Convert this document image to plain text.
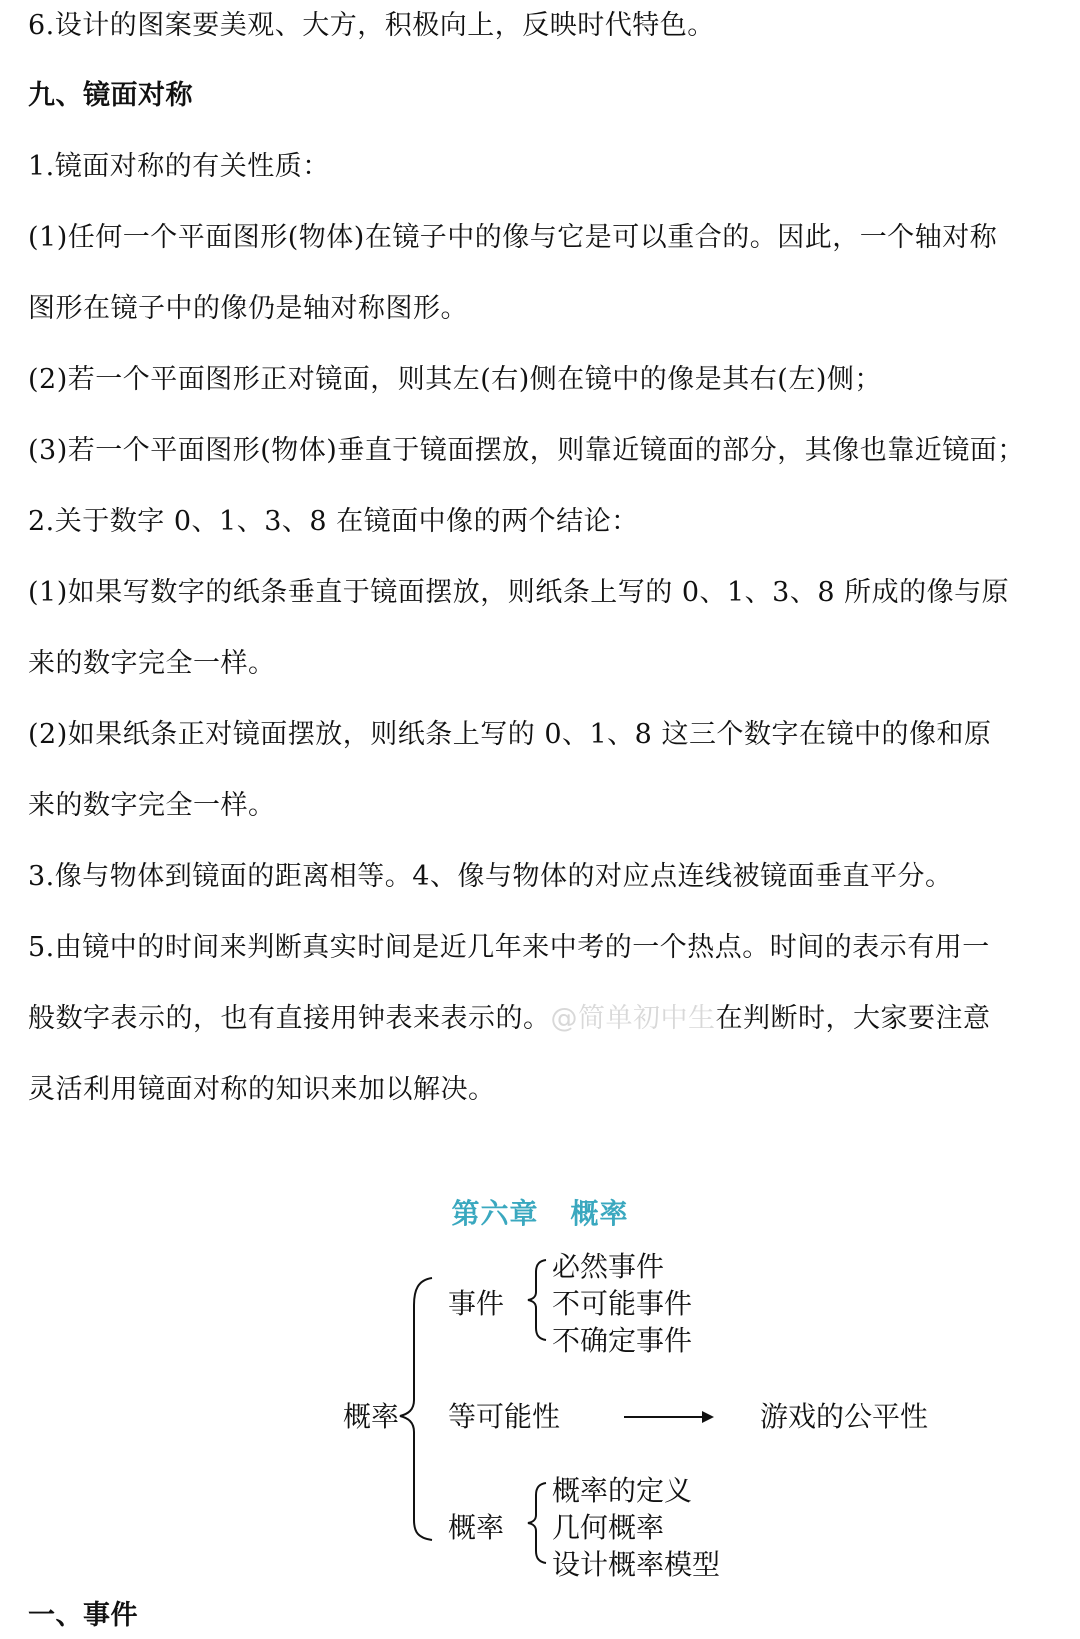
6.设计的图案要美观、大方，积极向上，反映时代特色。
九、镜面对称
1.镜面对称的有关性质：
(1)任何一个平面图形(物体)在镜子中的像与它是可以重合的。因此，一个轴对称
图形在镜子中的像仍是轴对称图形。
(2)若一个平面图形正对镜面，则其左(右)侧在镜中的像是其右(左)侧；
(3)若一个平面图形(物体)垂直于镜面摆放，则靠近镜面的部分，其像也靠近镜面；
2.关于数字 0、1、3、8 在镜面中像的两个结论：
(1)如果写数字的纸条垂直于镜面摆放，则纸条上写的 0、1、3、8 所成的像与原
来的数字完全一样。
(2)如果纸条正对镜面摆放，则纸条上写的 0、1、8 这三个数字在镜中的像和原
来的数字完全一样。
3.像与物体到镜面的距离相等。4、像与物体的对应点连线被镜面垂直平分。
5.由镜中的时间来判断真实时间是近几年来中考的一个热点。时间的表示有用一
般数字表示的，也有直接用钟表来表示的。@简单初中生在判断时，大家要注意
灵活利用镜面对称的知识来加以解决。
第六章 概率
概率
事件
必然事件
不可能事件
不确定事件
等可能性	游戏的公平性
概率
概率的定义
几何概率
设计概率模型
一、事件
